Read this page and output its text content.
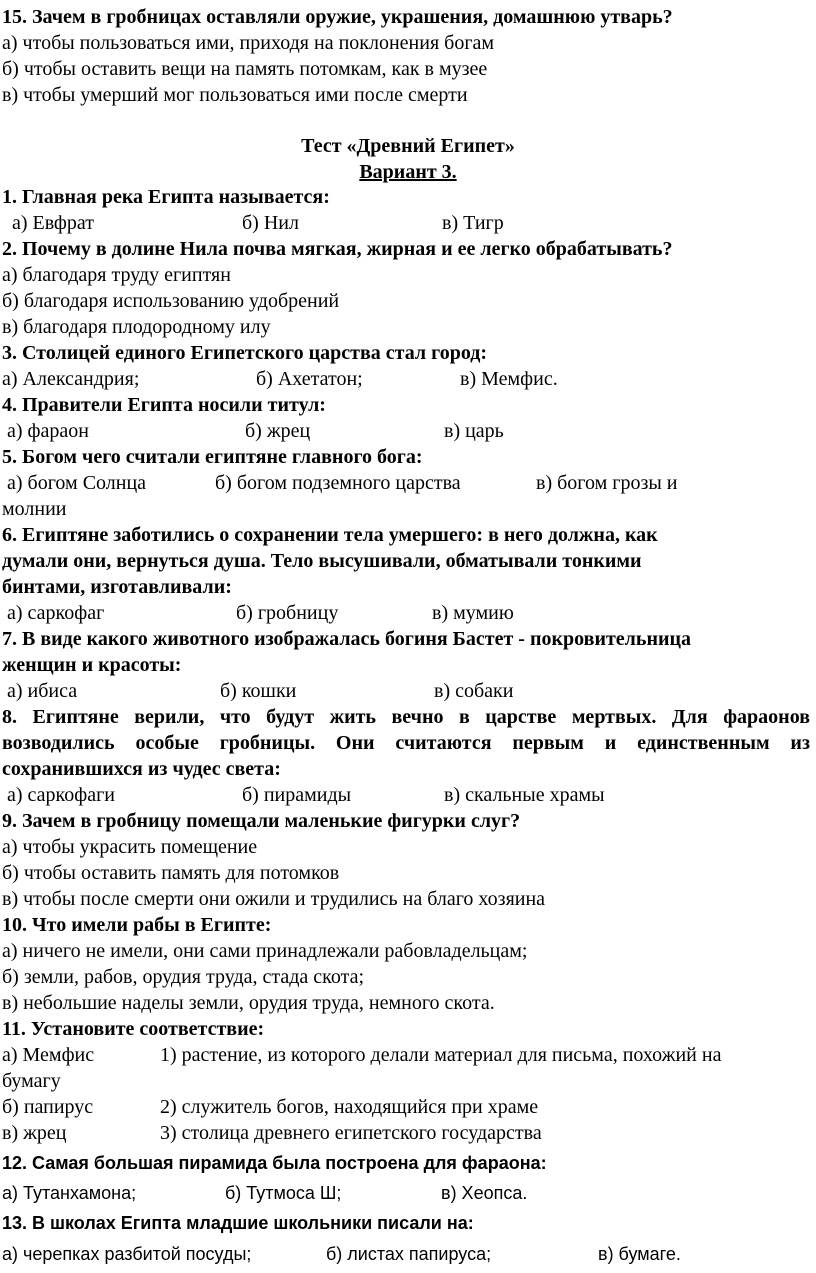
15. Зачем в гробницах оставляли оружие, украшения, домашнюю утварь?
а) чтобы пользоваться ими, приходя на поклонения богам
б) чтобы оставить вещи на память потомкам, как в музее
в) чтобы умерший мог пользоваться ими после смерти
Тест «Древний Египет»
Вариант 3.
1. Главная река Египта называется:
а) Евфрат	б) Нил	в) Тигр
2. Почему в долине Нила почва мягкая, жирная и ее легко обрабатывать?
а) благодаря труду египтян
б) благодаря использованию удобрений
в) благодаря плодородному илу
3. Столицей единого Египетского царства стал город:
а) Александрия;	б) Ахетатон;	в) Мемфис.
4. Правители Египта носили титул:
а) фараон	б) жрец	в) царь
5. Богом чего считали египтяне главного бога:
а) богом Солнца	б) богом подземного царства	в) богом грозы и
молнии
6. Египтяне заботились о сохранении тела умершего: в него должна, как
думали они, вернуться душа. Тело высушивали, обматывали тонкими
бинтами, изготавливали:
а) саркофаг	б) гробницу	в) мумию
7. В виде какого животного изображалась богиня Бастет - покровительница
женщин и красоты:
а) ибиса	б) кошки	в) собаки
8. Египтяне верили, что будут жить вечно в царстве мертвых. Для фараонов
возводились особые гробницы. Они считаются первым и единственным из
сохранившихся из чудес света:
а) саркофаги	б) пирамиды	в) скальные храмы
9. Зачем в гробницу помещали маленькие фигурки слуг?
а) чтобы украсить помещение
б) чтобы оставить память для потомков
в) чтобы после смерти они ожили и трудились на благо хозяина
10. Что имели рабы в Египте:
а) ничего не имели, они сами принадлежали рабовладельцам;
б) земли, рабов, орудия труда, стада скота;
в) небольшие наделы земли, орудия труда, немного скота.
11. Установите соответствие:
а) Мемфис	1) растение, из которого делали материал для письма, похожий на
бумагу
б) папирус	2) служитель богов, находящийся при храме
в) жрец	3) столица древнего египетского государства
12. Самая большая пирамида была построена для фараона:
а) Тутанхамона;	б) Тутмоса Ш;	в) Хеопса.
13. В школах Египта младшие школьники писали на:
а) черепках разбитой посуды;	б) листах папируса;	в) бумаге.
